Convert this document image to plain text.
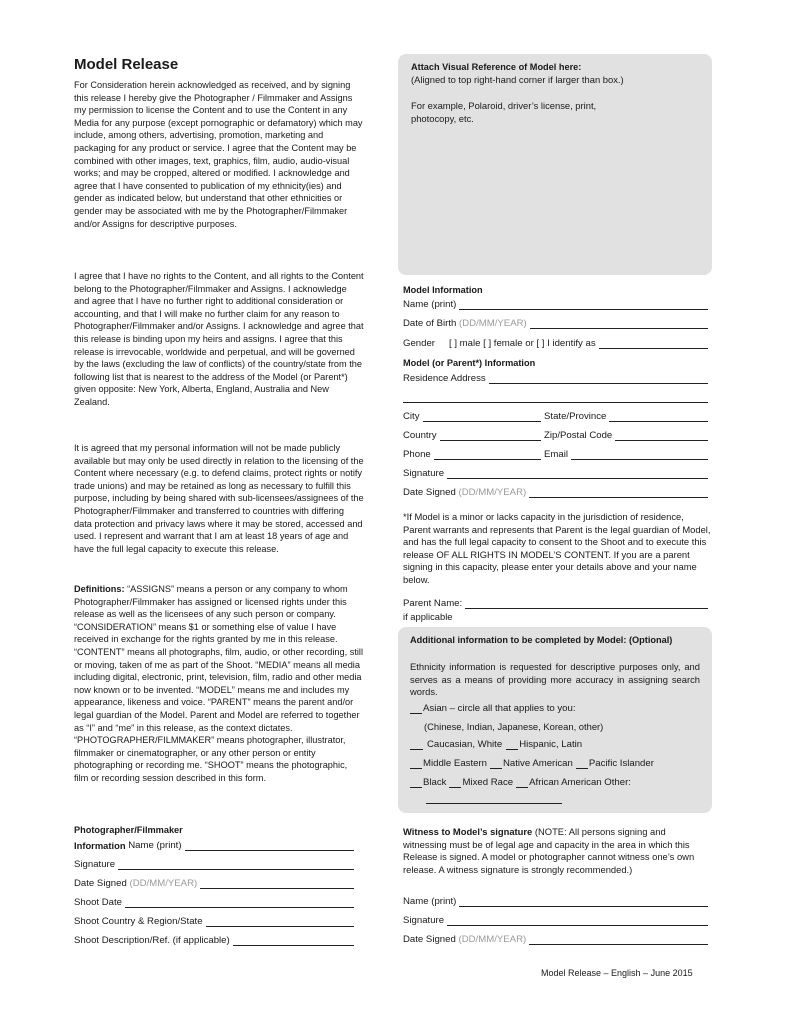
Model Release

For Consideration herein acknowledged as received, and by signing this release I hereby give the Photographer / Filmmaker and Assigns my permission to license the Content and to use the Content in any Media for any purpose (except pornographic or defamatory) which may include, among others, advertising, promotion, marketing and packaging for any product or service. I agree that the Content may be combined with other images, text, graphics, film, audio, audio-visual works; and may be cropped, altered or modified. I acknowledge and agree that I have consented to publication of my ethnicity(ies) and gender as indicated below, but understand that other ethnicities or gender may be associated with me by the Photographer/Filmmaker and/or Assigns for descriptive purposes.

I agree that I have no rights to the Content, and all rights to the Content belong to the Photographer/Filmmaker and Assigns. I acknowledge and agree that I have no further right to additional consideration or accounting, and that I will make no further claim for any reason to Photographer/Filmmaker and/or Assigns. I acknowledge and agree that this release is binding upon my heirs and assigns. I agree that this release is irrevocable, worldwide and perpetual, and will be governed by the laws (excluding the law of conflicts) of the country/state from the following list that is nearest to the address of the Model (or Parent*) given opposite: New York, Alberta, England, Australia and New Zealand.

It is agreed that my personal information will not be made publicly available but may only be used directly in relation to the licensing of the Content where necessary (e.g. to defend claims, protect rights or notify trade unions) and may be retained as long as necessary to fulfill this purpose, including by being shared with sub-licensees/assignees of the Photographer/Filmmaker and transferred to countries with differing data protection and privacy laws where it may be stored, accessed and used. I represent and warrant that I am at least 18 years of age and have the full legal capacity to execute this release.

Definitions: “ASSIGNS” means a person or any company to whom Photographer/Filmmaker has assigned or licensed rights under this release as well as the licensees of any such person or company. “CONSIDERATION” means $1 or something else of value I have received in exchange for the rights granted by me in this release. “CONTENT” means all photographs, film, audio, or other recording, still or moving, taken of me as part of the Shoot. “MEDIA” means all media including digital, electronic, print, television, film, radio and other media now known or to be invented. “MODEL” means me and includes my appearance, likeness and voice. “PARENT” means the parent and/or legal guardian of the Model. Parent and Model are referred to together as “I” and “me” in this release, as the context dictates. “PHOTOGRAPHER/FILMMAKER” means photographer, illustrator, filmmaker or cinematographer, or any other person or entity photographing or recording me. “SHOOT” means the photographic, film or recording session described in this form.

Photographer/Filmmaker
Information
Name (print)
Signature
Date Signed
(DD/MM/YEAR)
Shoot Date
Shoot Country & Region/State
Shoot Description/Ref. (if applicable)
Attach Visual Reference of Model here:
(Aligned to top right-hand corner if larger than box.)
For example, Polaroid, driver’s license, print, photocopy, etc.
Model Information
Name (print)
Date of Birth
(DD/MM/YEAR)
Gender [ ] male [ ] female or [ ] I identify as
Model (or Parent*) Information
Residence Address
City	State/Province
Country	Zip/Postal Code
Phone	Email
Signature
Date Signed
(DD/MM/YEAR)
*If Model is a minor or lacks capacity in the jurisdiction of residence, Parent warrants and represents that Parent is the legal guardian of Model, and has the full legal capacity to consent to the Shoot and to execute this release OF ALL RIGHTS IN MODEL’S CONTENT. If you are a parent signing in this capacity, please enter your details above and your name below.
Parent Name:
if applicable
Additional information to be completed by Model: (Optional)
Ethnicity information is requested for descriptive purposes only, and serves as a means of providing more accuracy in assigning search words.
Asian – circle all that applies to you:
(Chinese, Indian, Japanese, Korean, other)
Caucasian, White Hispanic, Latin
Middle Eastern Native American Pacific Islander
Black Mixed Race African American Other:
Witness to Model’s signature (NOTE: All persons signing and witnessing must be of legal age and capacity in the area in which this Release is signed. A model or photographer cannot witness one’s own release. A witness signature is strongly recommended.)
Name (print)
Signature
Date Signed
(DD/MM/YEAR)
Model Release – English – June 2015
